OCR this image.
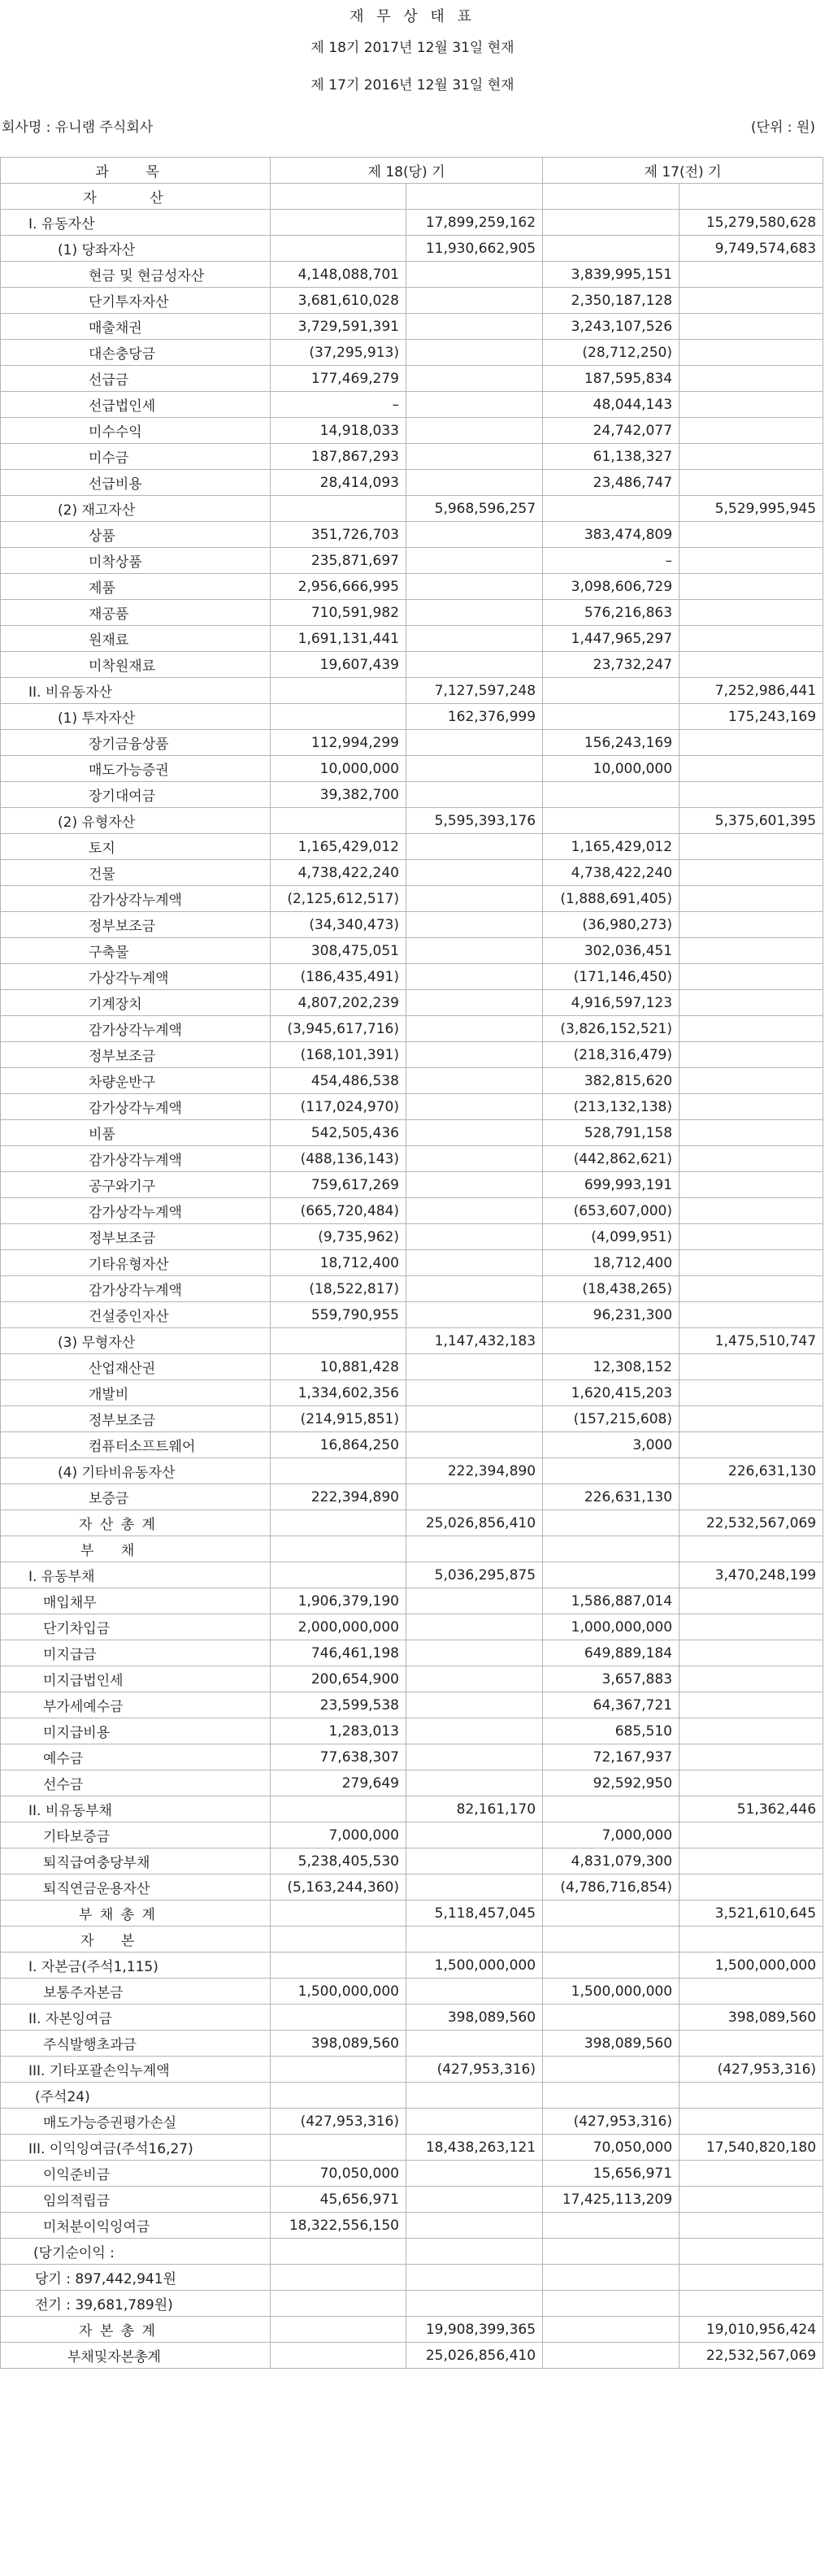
재 무 상 태 표
제 18기 2017년 12월 31일 현재
제 17기 2016년 12월 31일 현재
회사명 : 유니램 주식회사	(단위 : 원)
과 목	제 18(당) 기		제 17(전) 기	

자 산				

I. 유동자산		17,899,259,162		15,279,580,628
(1) 당좌자산		11,930,662,905		9,749,574,683
현금 및 현금성자산	4,148,088,701		3,839,995,151	
단기투자자산	3,681,610,028		2,350,187,128	
매출채권	3,729,591,391		3,243,107,526	
대손충당금	(37,295,913)		(28,712,250)	
선급금	177,469,279		187,595,834	
선급법인세	–		48,044,143	
미수수익	14,918,033		24,742,077	
미수금	187,867,293		61,138,327	
선급비용	28,414,093		23,486,747	
(2) 재고자산		5,968,596,257		5,529,995,945
상품	351,726,703		383,474,809	
미착상품	235,871,697		–	
제품	2,956,666,995		3,098,606,729	
재공품	710,591,982		576,216,863	
원재료	1,691,131,441		1,447,965,297	
미착원재료	19,607,439		23,732,247	
II. 비유동자산		7,127,597,248		7,252,986,441
(1) 투자자산		162,376,999		175,243,169
장기금융상품	112,994,299		156,243,169	
매도가능증권	10,000,000		10,000,000	
장기대여금	39,382,700			
(2) 유형자산		5,595,393,176		5,375,601,395
토지	1,165,429,012		1,165,429,012	
건물	4,738,422,240		4,738,422,240	
감가상각누계액	(2,125,612,517)		(1,888,691,405)	
정부보조금	(34,340,473)		(36,980,273)	
구축물	308,475,051		302,036,451	
가상각누계액	(186,435,491)		(171,146,450)	
기계장치	4,807,202,239		4,916,597,123	
감가상각누계액	(3,945,617,716)		(3,826,152,521)	
정부보조금	(168,101,391)		(218,316,479)	
차량운반구	454,486,538		382,815,620	
감가상각누계액	(117,024,970)		(213,132,138)	
비품	542,505,436		528,791,158	
감가상각누계액	(488,136,143)		(442,862,621)	
공구와기구	759,617,269		699,993,191	
감가상각누계액	(665,720,484)		(653,607,000)	
정부보조금	(9,735,962)		(4,099,951)	
기타유형자산	18,712,400		18,712,400	
감가상각누계액	(18,522,817)		(18,438,265)	
건설중인자산	559,790,955		96,231,300	
(3) 무형자산		1,147,432,183		1,475,510,747
산업재산권	10,881,428		12,308,152	
개발비	1,334,602,356		1,620,415,203	
정부보조금	(214,915,851)		(157,215,608)	
컴퓨터소프트웨어	16,864,250		3,000	
(4) 기타비유동자산		222,394,890		226,631,130
보증금	222,394,890		226,631,130	
자 산 총 계		25,026,856,410		22,532,567,069

부 채				

I. 유동부채		5,036,295,875		3,470,248,199
매입채무	1,906,379,190		1,586,887,014	
단기차입금	2,000,000,000		1,000,000,000	
미지급금	746,461,198		649,889,184	
미지급법인세	200,654,900		3,657,883	
부가세예수금	23,599,538		64,367,721	
미지급비용	1,283,013		685,510	
예수금	77,638,307		72,167,937	
선수금	279,649		92,592,950	
II. 비유동부채		82,161,170		51,362,446
기타보증금	7,000,000		7,000,000	
퇴직급여충당부채	5,238,405,530		4,831,079,300	
퇴직연금운용자산	(5,163,244,360)		(4,786,716,854)	
부 채 총 계		5,118,457,045		3,521,610,645

자 본				

I. 자본금(주석1,115)		1,500,000,000		1,500,000,000
보통주자본금	1,500,000,000		1,500,000,000	
II. 자본잉여금		398,089,560		398,089,560
주식발행초과금	398,089,560		398,089,560	
III. 기타포괄손익누계액		(427,953,316)		(427,953,316)
(주석24)				
매도가능증권평가손실	(427,953,316)		(427,953,316)	
III. 이익잉여금(주석16,27)		18,438,263,121	70,050,000	17,540,820,180
이익준비금	70,050,000		15,656,971	
임의적립금	45,656,971		17,425,113,209	
미처분이익잉여금	18,322,556,150			
(당기순이익 :				
당기 : 897,442,941원				
전기 : 39,681,789원)				
자 본 총 계		19,908,399,365		19,010,956,424
부채및자본총계		25,026,856,410		22,532,567,069
